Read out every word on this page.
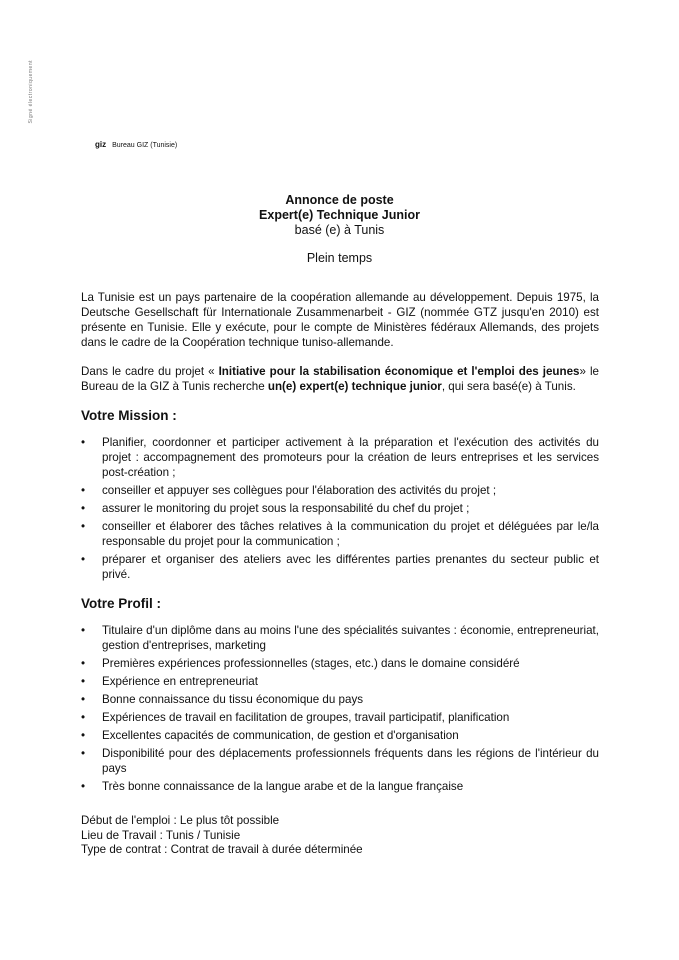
Signé électroniquement
giz Bureau GIZ (Tunisie)
Annonce de poste
Expert(e) Technique Junior
basé (e) à Tunis
Plein temps

La Tunisie est un pays partenaire de la coopération allemande au développement. Depuis 1975, la Deutsche Gesellschaft für Internationale Zusammenarbeit - GIZ (nommée GTZ jusqu'en 2010) est présente en Tunisie. Elle y exécute, pour le compte de Ministères fédéraux Allemands, des projets dans le cadre de la Coopération technique tuniso-allemande.

Dans le cadre du projet « Initiative pour la stabilisation économique et l'emploi des jeunes» le Bureau de la GIZ à Tunis recherche un(e) expert(e) technique junior, qui sera basé(e) à Tunis.

Votre Mission :
• Planifier, coordonner et participer activement à la préparation et l'exécution des activités du projet : accompagnement des promoteurs pour la création de leurs entreprises et les services post-création ;
• conseiller et appuyer ses collègues pour l'élaboration des activités du projet ;
• assurer le monitoring du projet sous la responsabilité du chef du projet ;
• conseiller et élaborer des tâches relatives à la communication du projet et déléguées par le/la responsable du projet pour la communication ;
• préparer et organiser des ateliers avec les différentes parties prenantes du secteur public et privé.
Votre Profil :
• Titulaire d'un diplôme dans au moins l'une des spécialités suivantes : économie, entrepreneuriat, gestion d'entreprises, marketing
• Premières expériences professionnelles (stages, etc.) dans le domaine considéré
• Expérience en entrepreneuriat
• Bonne connaissance du tissu économique du pays
• Expériences de travail en facilitation de groupes, travail participatif, planification
• Excellentes capacités de communication, de gestion et d'organisation
• Disponibilité pour des déplacements professionnels fréquents dans les régions de l'intérieur du pays
• Très bonne connaissance de la langue arabe et de la langue française
Début de l'emploi : Le plus tôt possible
Lieu de Travail : Tunis / Tunisie
Type de contrat : Contrat de travail à durée déterminée
